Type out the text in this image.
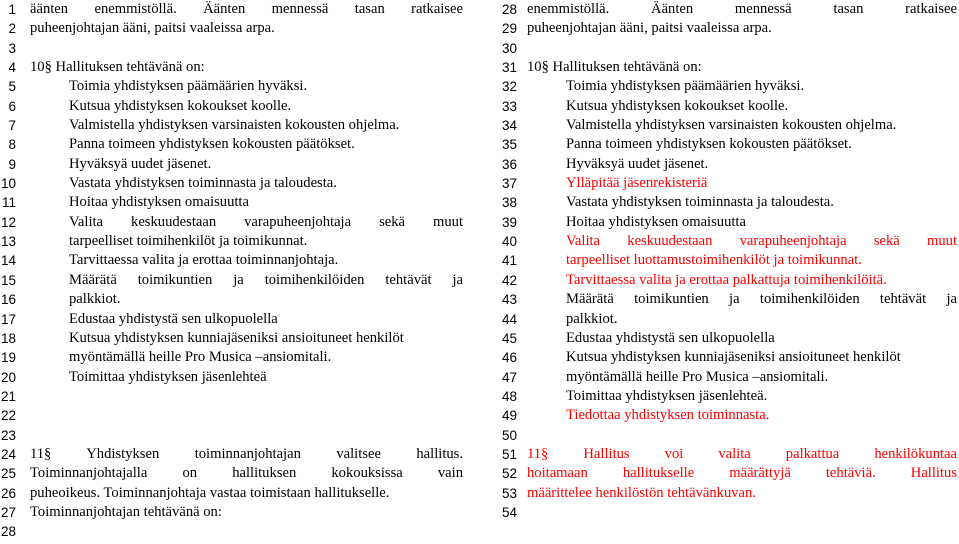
1 äänten enemmistöllä. Äänten mennessä tasan ratkaisee
2 puheenjohtajan ääni, paitsi vaaleissa arpa.
3
4 10§ Hallituksen tehtävänä on:
5	Toimia yhdistyksen päämäärien hyväksi.
6	Kutsua yhdistyksen kokoukset koolle.
7	Valmistella yhdistyksen varsinaisten kokousten ohjelma.
8	Panna toimeen yhdistyksen kokousten päätökset.
9	Hyväksyä uudet jäsenet.
10	Vastata yhdistyksen toiminnasta ja taloudesta.
11	Hoitaa yhdistyksen omaisuutta
12	Valita keskuudestaan varapuheenjohtaja sekä muut
13	tarpeelliset toimihenkilöt ja toimikunnat.
14	Tarvittaessa valita ja erottaa toiminnanjohtaja.
15	Määrätä toimikuntien ja toimihenkilöiden tehtävät ja
16	palkkiot.
17	Edustaa yhdistystä sen ulkopuolella
18	Kutsua yhdistyksen kunniajäseniksi ansioituneet henkilöt
19	myöntämällä heille Pro Musica –ansiomitali.
20	Toimittaa yhdistyksen jäsenlehteä
21
22
23
24 11§ Yhdistyksen toiminnanjohtajan valitsee hallitus.
25 Toiminnanjohtajalla on hallituksen kokouksissa vain
26 puheoikeus. Toiminnanjohtaja vastaa toimistaan hallitukselle.
27 Toiminnanjohtajan tehtävänä on:
28
28 enemmistöllä. Äänten mennessä tasan ratkaisee
29 puheenjohtajan ääni, paitsi vaaleissa arpa.
30
31 10§ Hallituksen tehtävänä on:
32	Toimia yhdistyksen päämäärien hyväksi.
33	Kutsua yhdistyksen kokoukset koolle.
34	Valmistella yhdistyksen varsinaisten kokousten ohjelma.
35	Panna toimeen yhdistyksen kokousten päätökset.
36	Hyväksyä uudet jäsenet.
37	Ylläpitää jäsenrekisteriä
38	Vastata yhdistyksen toiminnasta ja taloudesta.
39	Hoitaa yhdistyksen omaisuutta
40	Valita keskuudestaan varapuheenjohtaja sekä muut
41	tarpeelliset luottamustoimihenkilöt ja toimikunnat.
42	Tarvittaessa valita ja erottaa palkattuja toimihenkilöitä.
43	Määrätä toimikuntien ja toimihenkilöiden tehtävät ja
44	palkkiot.
45	Edustaa yhdistystä sen ulkopuolella
46	Kutsua yhdistyksen kunniajäseniksi ansioituneet henkilöt
47	myöntämällä heille Pro Musica –ansiomitali.
48	Toimittaa yhdistyksen jäsenlehteä.
49	Tiedottaa yhdistyksen toiminnasta.
50
51 11§ Hallitus voi valita palkattua henkilökuntaa
52 hoitamaan hallitukselle määrättyjä tehtäviä. Hallitus
53 määrittelee henkilöstön tehtävänkuvan.
54
